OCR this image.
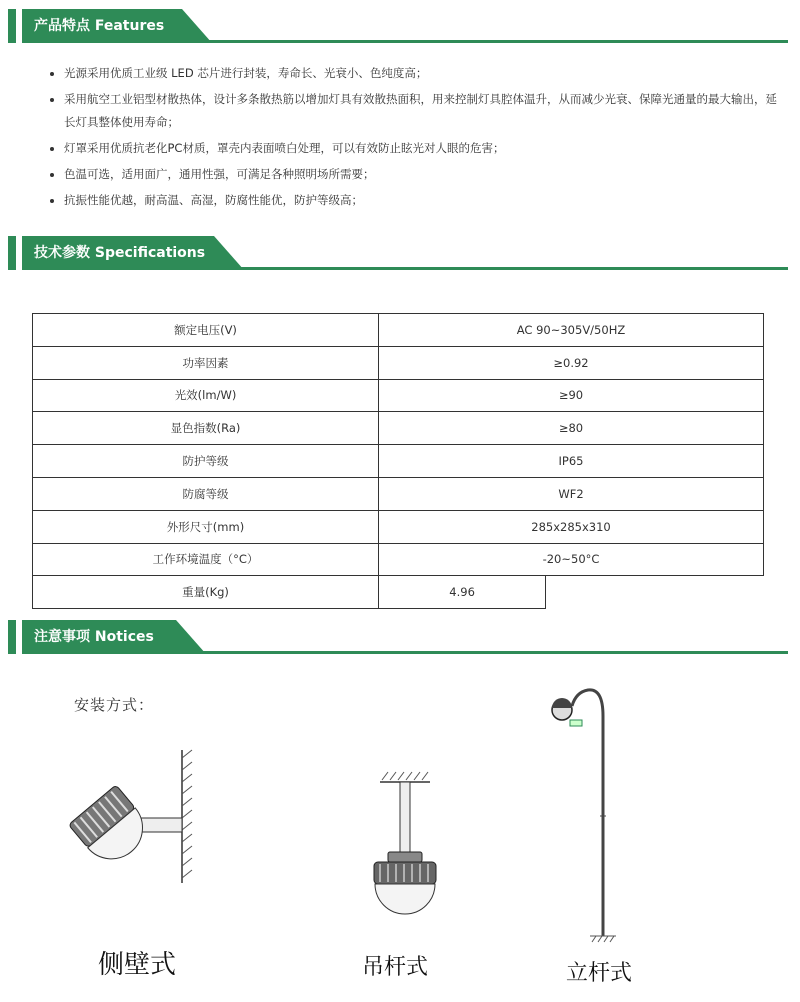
产品特点 Features
• 光源采用优质工业级 LED 芯片进行封装，寿命长、光衰小、色纯度高；
• 采用航空工业铝型材散热体，设计多条散热筋以增加灯具有效散热面积，用来控制灯具腔体温升，从而减少光衰、保障光通量的最大输出，延长灯具整体使用寿命；
• 灯罩采用优质抗老化PC材质，罩壳内表面喷白处理，可以有效防止眩光对人眼的危害；
• 色温可选，适用面广，通用性强，可满足各种照明场所需要；
• 抗振性能优越，耐高温、高湿，防腐性能优，防护等级高；
技术参数 Specifications
额定电压(V)	AC 90~305V/50HZ	
功率因素	≥0.92	
光效(lm/W)	≥90	
显色指数(Ra)	≥80	
防护等级	IP65	
防腐等级	WF2	
外形尺寸(mm)	285x285x310	
工作环境温度（°C）	-20~50°C	
重量(Kg)	4.96	
注意事项 Notices
安装方式：
侧壁式	吊杆式	立杆式
